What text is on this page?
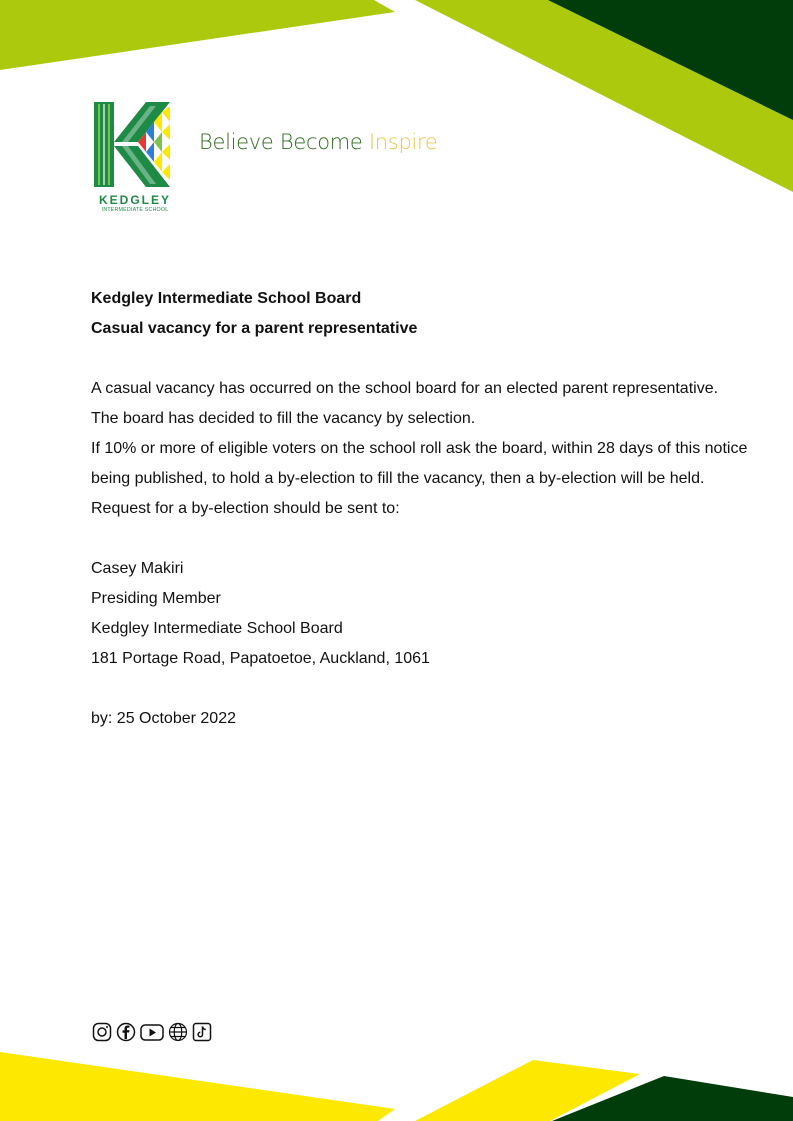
KEDGLEY
INTERMEDIATE SCHOOL
Believe Become Inspire

Kedgley Intermediate School Board

Casual vacancy for a parent representative

A casual vacancy has occurred on the school board for an elected parent representative.

The board has decided to fill the vacancy by selection.

If 10% or more of eligible voters on the school roll ask the board, within 28 days of this notice being published, to hold a by-election to fill the vacancy, then a by-election will be held.

Request for a by-election should be sent to:

Casey Makiri

Presiding Member

Kedgley Intermediate School Board

181 Portage Road, Papatoetoe, Auckland, 1061

by: 25 October 2022
